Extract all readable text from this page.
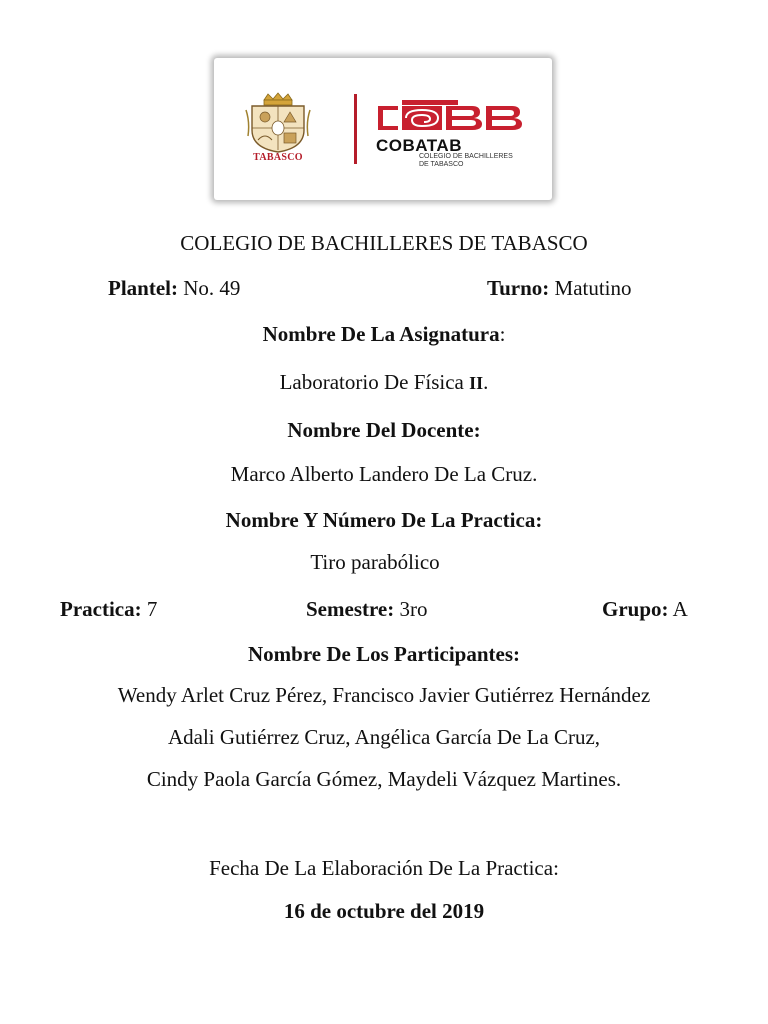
TABASCO
COBATAB
COLEGIO DE BACHILLERES
DE TABASCO
COLEGIO DE BACHILLERES DE TABASCO
Plantel: No. 49	Turno: Matutino
Nombre De La Asignatura:
Laboratorio De Física II.
Nombre Del Docente:
Marco Alberto Landero De La Cruz.
Nombre Y Número De La Practica:
Tiro parabólico
Practica: 7	Semestre: 3ro	Grupo: A
Nombre De Los Participantes:
Wendy Arlet Cruz Pérez, Francisco Javier Gutiérrez Hernández
Adali Gutiérrez Cruz, Angélica García De La Cruz,
Cindy Paola García Gómez, Maydeli Vázquez Martines.
Fecha De La Elaboración De La Practica:
16 de octubre del 2019
